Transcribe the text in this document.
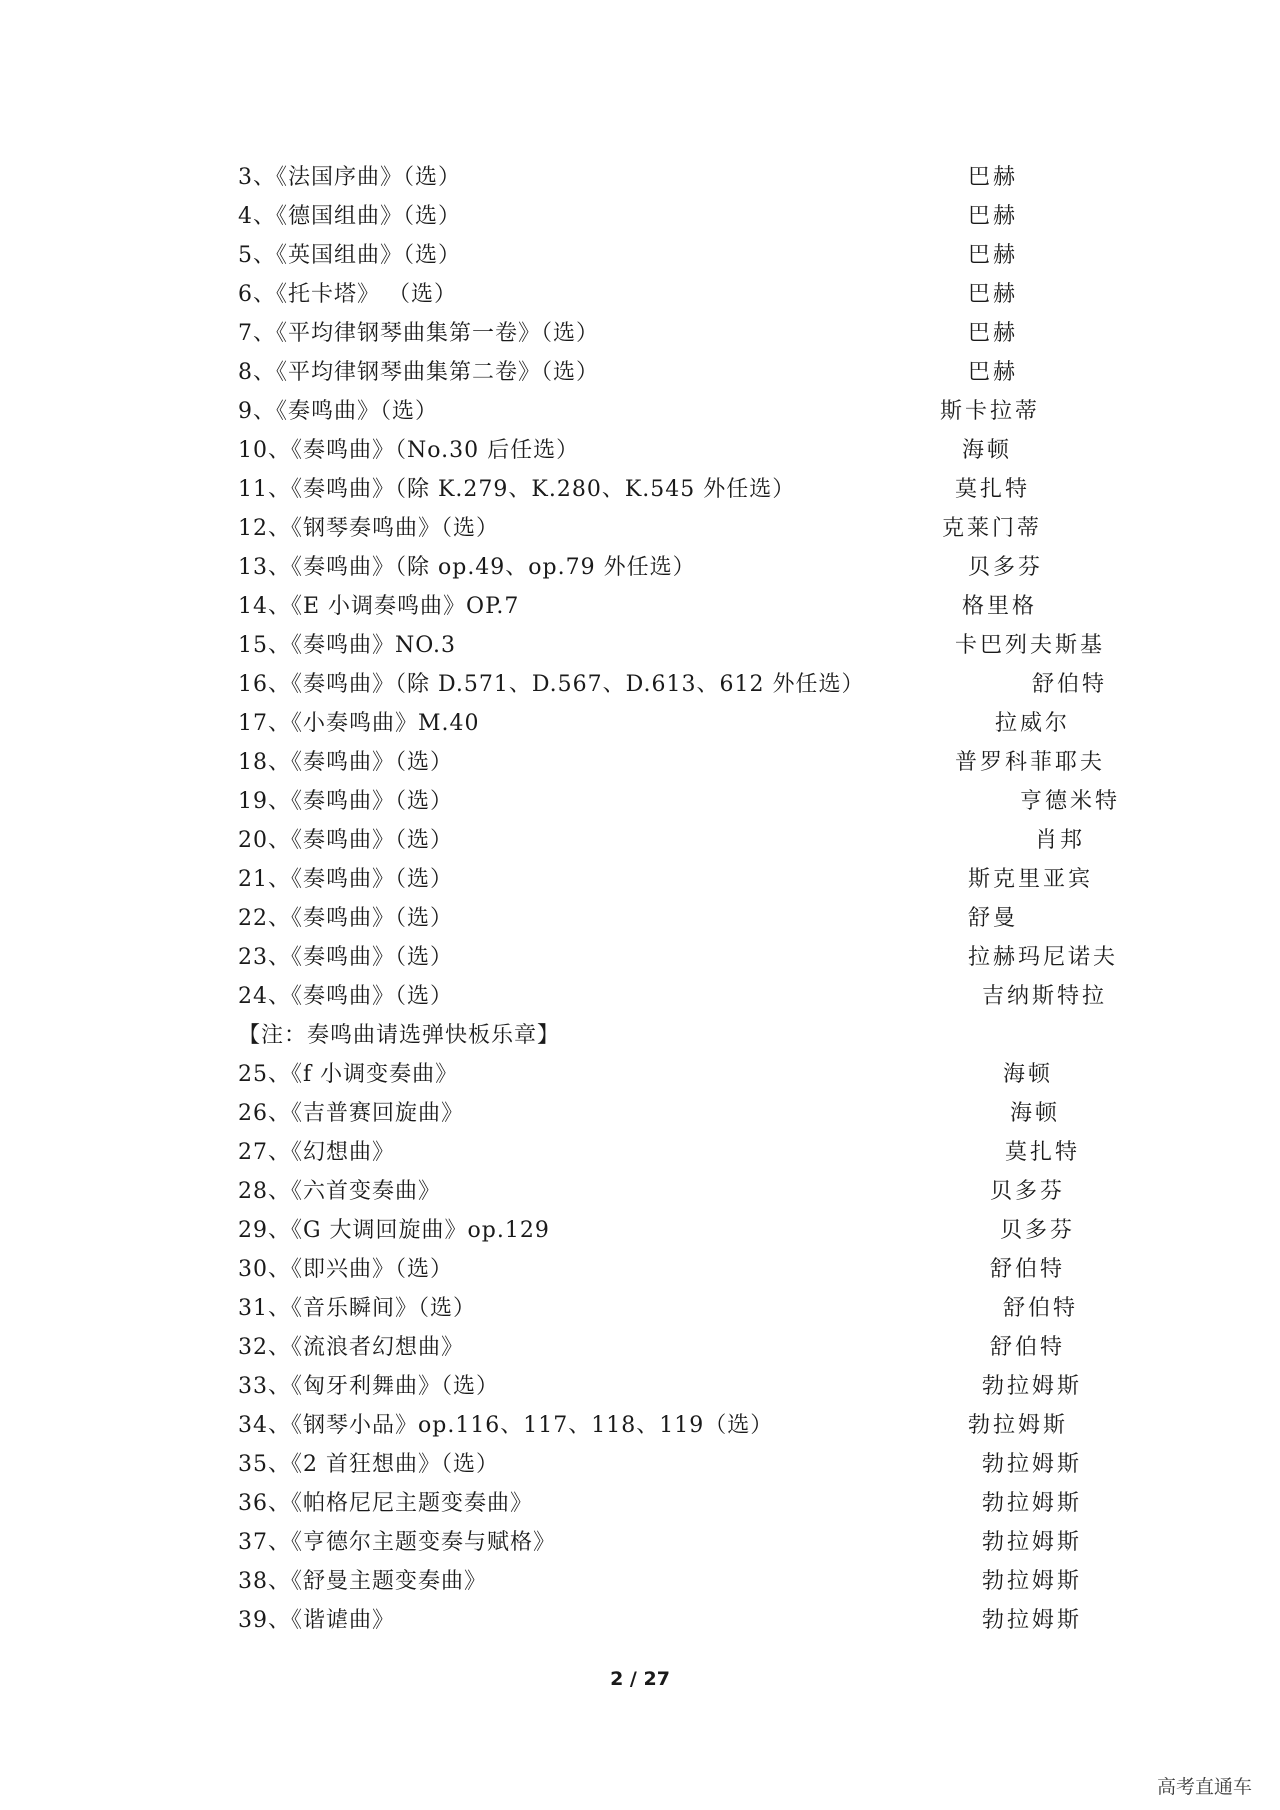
3、《法国序曲》（选）	巴赫
4、《德国组曲》（选）	巴赫
5、《英国组曲》（选）	巴赫
6、《托卡塔》 （选）	巴赫
7、《平均律钢琴曲集第一卷》（选）	巴赫
8、《平均律钢琴曲集第二卷》（选）	巴赫
9、《奏鸣曲》（选）	斯卡拉蒂
10、《奏鸣曲》（No.30 后任选）	海顿
11、《奏鸣曲》（除 K.279、K.280、K.545 外任选）	莫扎特
12、《钢琴奏鸣曲》（选）	克莱门蒂
13、《奏鸣曲》（除 op.49、op.79 外任选）	贝多芬
14、《E 小调奏鸣曲》OP.7	格里格
15、《奏鸣曲》NO.3	卡巴列夫斯基
16、《奏鸣曲》（除 D.571、D.567、D.613、612 外任选）	舒伯特
17、《小奏鸣曲》M.40	拉威尔
18、《奏鸣曲》（选）	普罗科菲耶夫
19、《奏鸣曲》（选）	亨德米特
20、《奏鸣曲》（选）	肖邦
21、《奏鸣曲》（选）	斯克里亚宾
22、《奏鸣曲》（选）	舒曼
23、《奏鸣曲》（选）	拉赫玛尼诺夫
24、《奏鸣曲》（选）	吉纳斯特拉
【注：奏鸣曲请选弹快板乐章】
25、《f 小调变奏曲》	海顿
26、《吉普赛回旋曲》	海顿
27、《幻想曲》	莫扎特
28、《六首变奏曲》	贝多芬
29、《G 大调回旋曲》op.129	贝多芬
30、《即兴曲》（选）	舒伯特
31、《音乐瞬间》（选）	舒伯特
32、《流浪者幻想曲》	舒伯特
33、《匈牙利舞曲》（选）	勃拉姆斯
34、《钢琴小品》op.116、117、118、119（选）	勃拉姆斯
35、《2 首狂想曲》（选）	勃拉姆斯
36、《帕格尼尼主题变奏曲》	勃拉姆斯
37、《亨德尔主题变奏与赋格》	勃拉姆斯
38、《舒曼主题变奏曲》	勃拉姆斯
39、《谐谑曲》	勃拉姆斯
2 / 27
高考直通车
